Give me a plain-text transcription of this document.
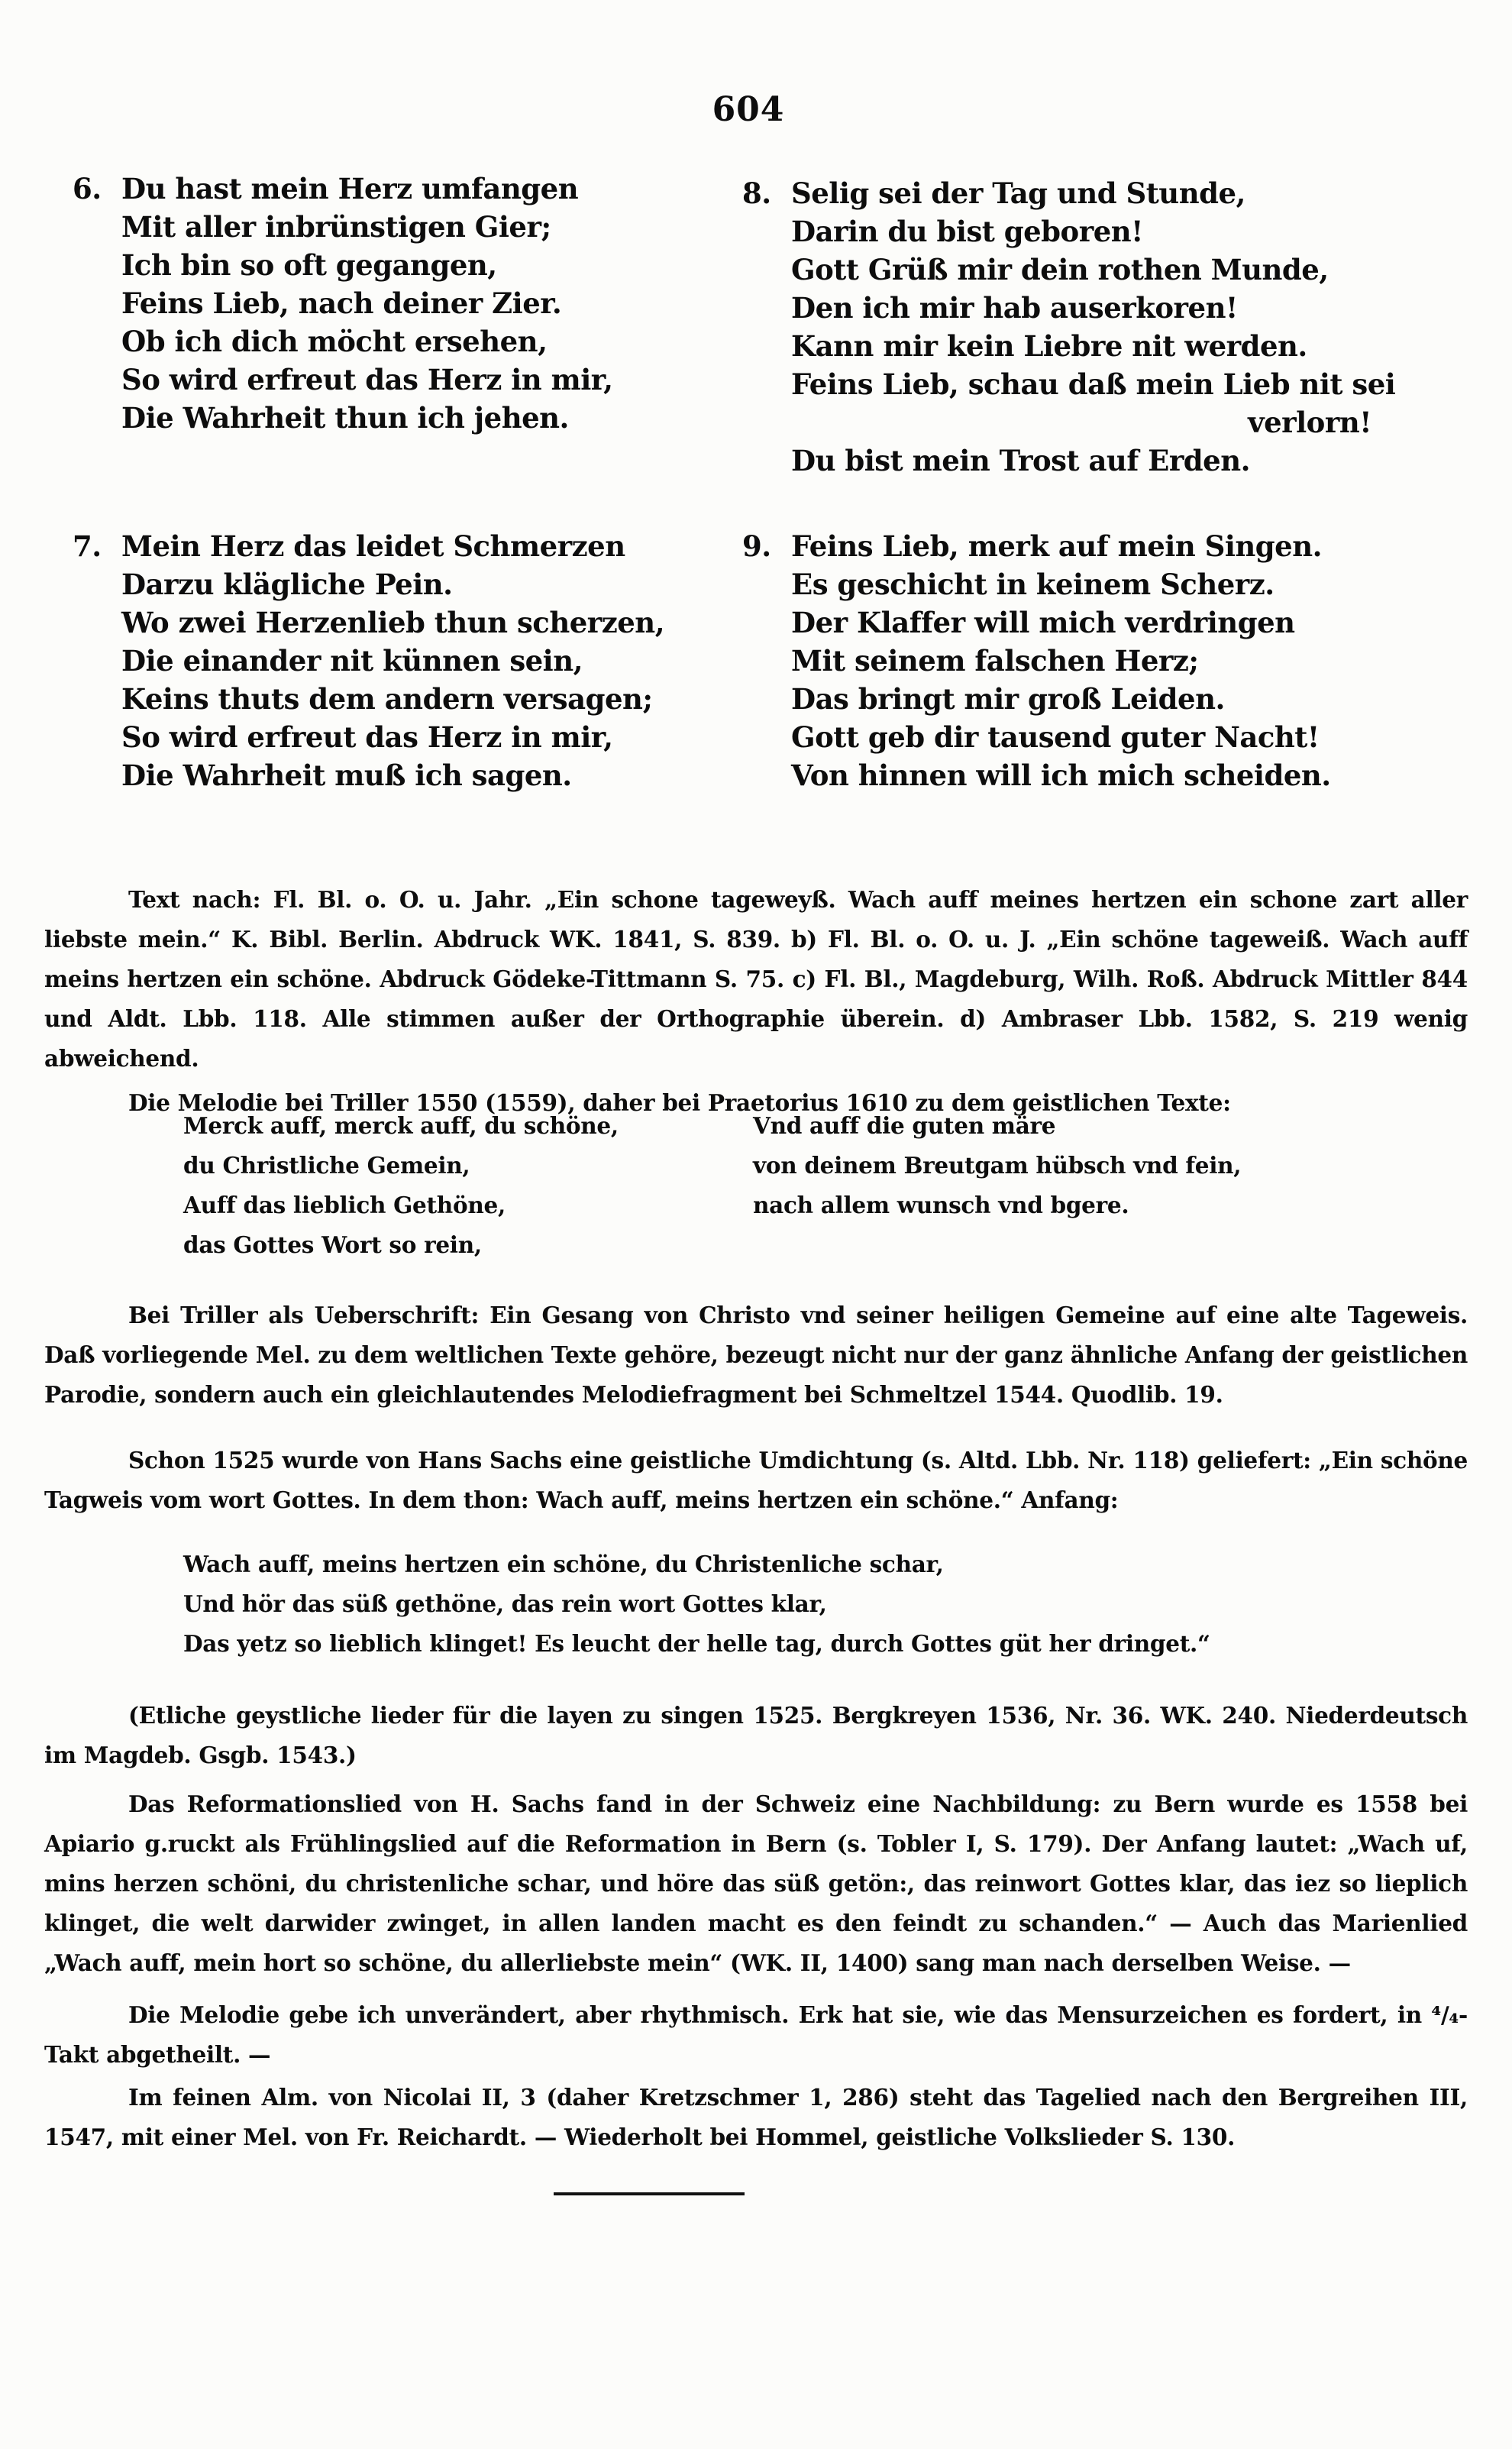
604
6. Du hast mein Herz umfangen
Mit aller inbrünstigen Gier;
Ich bin so oft gegangen,
Feins Lieb, nach deiner Zier.
Ob ich dich möcht ersehen,
So wird erfreut das Herz in mir,
Die Wahrheit thun ich jehen.
7. Mein Herz das leidet Schmerzen
Darzu klägliche Pein.
Wo zwei Herzenlieb thun scherzen,
Die einander nit künnen sein,
Keins thuts dem andern versagen;
So wird erfreut das Herz in mir,
Die Wahrheit muß ich sagen.
8. Selig sei der Tag und Stunde,
Darin du bist geboren!
Gott Grüß mir dein rothen Munde,
Den ich mir hab auserkoren!
Kann mir kein Liebre nit werden.
Feins Lieb, schau daß mein Lieb nit sei
verlorn!
Du bist mein Trost auf Erden.
9. Feins Lieb, merk auf mein Singen.
Es geschicht in keinem Scherz.
Der Klaffer will mich verdringen
Mit seinem falschen Herz;
Das bringt mir groß Leiden.
Gott geb dir tausend guter Nacht!
Von hinnen will ich mich scheiden.

Text nach: Fl. Bl. o. O. u. Jahr. „Ein schone tageweyß. Wach auff meines hertzen ein schone zart aller liebste mein.“ K. Bibl. Berlin. Abdruck WK. 1841, S. 839. b) Fl. Bl. o. O. u. J. „Ein schöne tageweiß. Wach auff meins hertzen ein schöne. Abdruck Gödeke-Tittmann S. 75. c) Fl. Bl., Magdeburg, Wilh. Roß. Abdruck Mittler 844 und Aldt. Lbb. 118. Alle stimmen außer der Orthographie überein. d) Ambraser Lbb. 1582, S. 219 wenig abweichend.

Die Melodie bei Triller 1550 (1559), daher bei Praetorius 1610 zu dem geistlichen Texte:

Merck auff, merck auff, du schöne,
du Christliche Gemein,
Auff das lieblich Gethöne,
das Gottes Wort so rein,
Vnd auff die guten märe
von deinem Breutgam hübsch vnd fein,
nach allem wunsch vnd bgere.

Bei Triller als Ueberschrift: Ein Gesang von Christo vnd seiner heiligen Gemeine auf eine alte Tageweis. Daß vorliegende Mel. zu dem weltlichen Texte gehöre, bezeugt nicht nur der ganz ähnliche Anfang der geistlichen Parodie, sondern auch ein gleichlautendes Melodiefragment bei Schmeltzel 1544. Quodlib. 19.

Schon 1525 wurde von Hans Sachs eine geistliche Umdichtung (s. Altd. Lbb. Nr. 118) geliefert: „Ein schöne Tagweis vom wort Gottes. In dem thon: Wach auff, meins hertzen ein schöne.“ Anfang:

Wach auff, meins hertzen ein schöne, du Christenliche schar,
Und hör das süß gethöne, das rein wort Gottes klar,
Das yetz so lieblich klinget! Es leucht der helle tag, durch Gottes güt her dringet.“

(Etliche geystliche lieder für die layen zu singen 1525. Bergkreyen 1536, Nr. 36. WK. 240. Niederdeutsch im Magdeb. Gsgb. 1543.)

Das Reformationslied von H. Sachs fand in der Schweiz eine Nachbildung: zu Bern wurde es 1558 bei Apiario g.ruckt als Frühlingslied auf die Reformation in Bern (s. Tobler I, S. 179). Der Anfang lautet: „Wach uf, mins herzen schöni, du christenliche schar, und höre das süß getön:, das reinwort Gottes klar, das iez so lieplich klinget, die welt darwider zwinget, in allen landen macht es den feindt zu schanden.“ — Auch das Marienlied „Wach auff, mein hort so schöne, du allerliebste mein“ (WK. II, 1400) sang man nach derselben Weise. —

Die Melodie gebe ich unverändert, aber rhythmisch. Erk hat sie, wie das Mensurzeichen es fordert, in ⁴/₄-Takt abgetheilt. —

Im feinen Alm. von Nicolai II, 3 (daher Kretzschmer 1, 286) steht das Tagelied nach den Bergreihen III, 1547, mit einer Mel. von Fr. Reichardt. — Wiederholt bei Hommel, geistliche Volkslieder S. 130.
